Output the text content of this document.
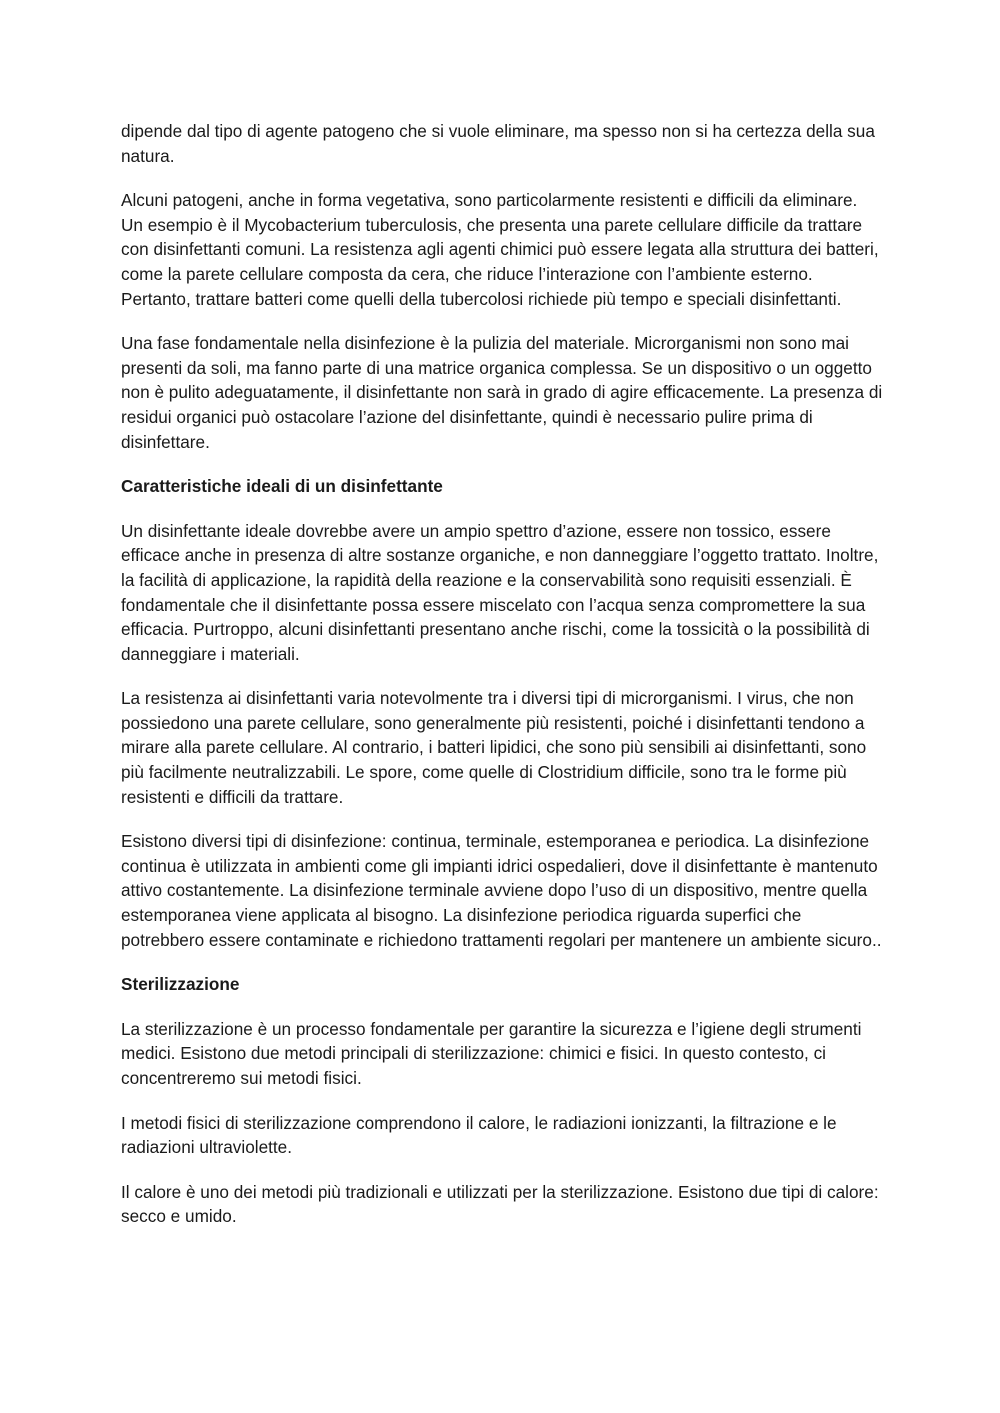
dipende dal tipo di agente patogeno che si vuole eliminare, ma spesso non si ha certezza della sua natura.

Alcuni patogeni, anche in forma vegetativa, sono particolarmente resistenti e difficili da eliminare. Un esempio è il Mycobacterium tuberculosis, che presenta una parete cellulare difficile da trattare con disinfettanti comuni. La resistenza agli agenti chimici può essere legata alla struttura dei batteri, come la parete cellulare composta da cera, che riduce l’interazione con l’ambiente esterno. Pertanto, trattare batteri come quelli della tubercolosi richiede più tempo e speciali disinfettanti.

Una fase fondamentale nella disinfezione è la pulizia del materiale. Microrganismi non sono mai presenti da soli, ma fanno parte di una matrice organica complessa. Se un dispositivo o un oggetto non è pulito adeguatamente, il disinfettante non sarà in grado di agire efficacemente. La presenza di residui organici può ostacolare l’azione del disinfettante, quindi è necessario pulire prima di disinfettare.

Caratteristiche ideali di un disinfettante

Un disinfettante ideale dovrebbe avere un ampio spettro d’azione, essere non tossico, essere efficace anche in presenza di altre sostanze organiche, e non danneggiare l’oggetto trattato. Inoltre, la facilità di applicazione, la rapidità della reazione e la conservabilità sono requisiti essenziali. È fondamentale che il disinfettante possa essere miscelato con l’acqua senza compromettere la sua efficacia. Purtroppo, alcuni disinfettanti presentano anche rischi, come la tossicità o la possibilità di danneggiare i materiali.

La resistenza ai disinfettanti varia notevolmente tra i diversi tipi di microrganismi. I virus, che non possiedono una parete cellulare, sono generalmente più resistenti, poiché i disinfettanti tendono a mirare alla parete cellulare. Al contrario, i batteri lipidici, che sono più sensibili ai disinfettanti, sono più facilmente neutralizzabili. Le spore, come quelle di Clostridium difficile, sono tra le forme più resistenti e difficili da trattare.

Esistono diversi tipi di disinfezione: continua, terminale, estemporanea e periodica. La disinfezione continua è utilizzata in ambienti come gli impianti idrici ospedalieri, dove il disinfettante è mantenuto attivo costantemente. La disinfezione terminale avviene dopo l’uso di un dispositivo, mentre quella estemporanea viene applicata al bisogno. La disinfezione periodica riguarda superfici che potrebbero essere contaminate e richiedono trattamenti regolari per mantenere un ambiente sicuro..

Sterilizzazione

La sterilizzazione è un processo fondamentale per garantire la sicurezza e l’igiene degli strumenti medici. Esistono due metodi principali di sterilizzazione: chimici e fisici. In questo contesto, ci concentreremo sui metodi fisici.

I metodi fisici di sterilizzazione comprendono il calore, le radiazioni ionizzanti, la filtrazione e le radiazioni ultraviolette.

Il calore è uno dei metodi più tradizionali e utilizzati per la sterilizzazione. Esistono due tipi di calore: secco e umido.
